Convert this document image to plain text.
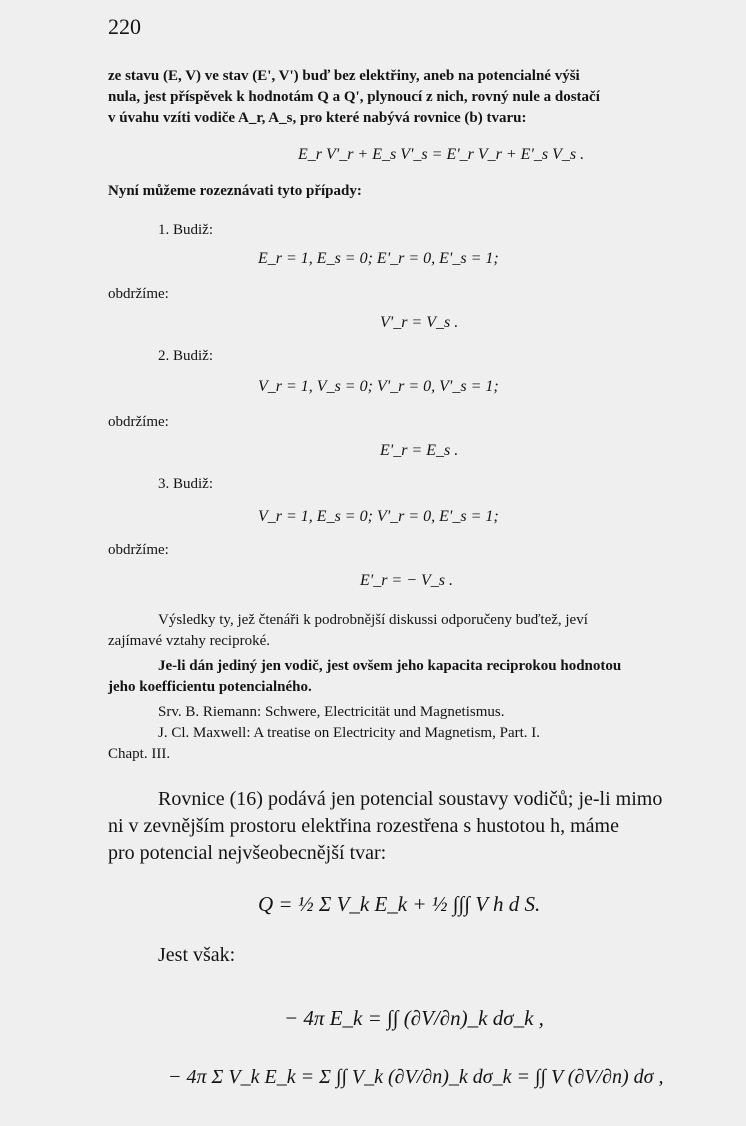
220
ze stavu (E, V) ve stav (E', V') buď bez elektřiny, aneb na potencialné výši
nula, jest příspěvek k hodnotám Q a Q', plynoucí z nich, rovný nule a dostačí
v úvahu vzíti vodiče A_r, A_s, pro které nabývá rovnice (b) tvaru:
E_r V'_r + E_s V'_s = E'_r V_r + E'_s V_s .
Nyní můžeme rozeznávati tyto případy:
1. Budiž:
E_r = 1, E_s = 0; E'_r = 0, E'_s = 1;
obdržíme:
V'_r = V_s .
2. Budiž:
V_r = 1, V_s = 0; V'_r = 0, V'_s = 1;
obdržíme:
E'_r = E_s .
3. Budiž:
V_r = 1, E_s = 0; V'_r = 0, E'_s = 1;
obdržíme:
E'_r = − V_s .
Výsledky ty, jež čtenáři k podrobnější diskussi odporučeny buďtež, jeví
zajímavé vztahy reciproké.
Je-li dán jediný jen vodič, jest ovšem jeho kapacita reciprokou hodnotou
jeho koefficientu potencialného.
Srv. B. Riemann: Schwere, Electricität und Magnetismus.
J. Cl. Maxwell: A treatise on Electricity and Magnetism, Part. I.
Chapt. III.
Rovnice (16) podává jen potencial soustavy vodičů; je-li mimo
ni v zevnějším prostoru elektřina rozestřena s hustotou h, máme
pro potencial nejvšeobecnější tvar:
Q = ½ Σ V_k E_k + ½ ∫∫∫ V h d S.
Jest však:
− 4π E_k = ∫∫ (∂V/∂n)_k dσ_k ,
− 4π Σ V_k E_k = Σ ∫∫ V_k (∂V/∂n)_k dσ_k = ∫∫ V (∂V/∂n) dσ ,
